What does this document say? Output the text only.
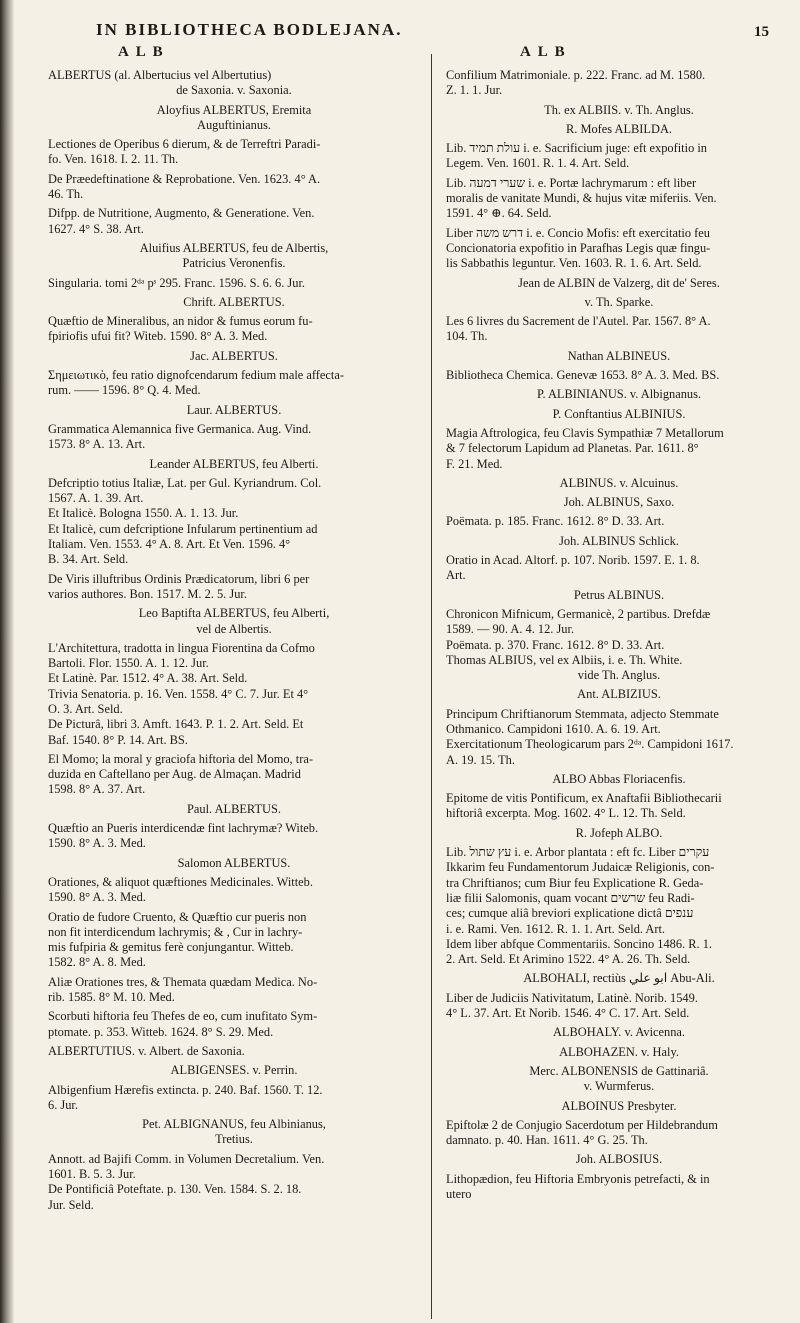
IN BIBLIOTHECA BODLEJANA.	15
A L B	A L B
ALBERTUS (al. Albertucius vel Albertutius)
de Saxonia. v. Saxonia.
Aloyfius ALBERTUS, Eremita
Auguftinianus.
Lectiones de Operibus 6 dierum, & de Terreftri Paradi-
fo. Ven. 1618. I. 2. 11. Th.
De Præedeftinatione & Reprobatione. Ven. 1623. 4° A.
46. Th.
Difpp. de Nutritione, Augmento, & Generatione. Ven.
1627. 4° S. 38. Art.
Aluifius ALBERTUS, feu de Albertis,
Patricius Veronenfis.
Singularia. tomi 2ᵈᵃ pˢ 295. Franc. 1596. S. 6. 6. Jur.
Chrift. ALBERTUS.
Quæftio de Mineralibus, an nidor & fumus eorum fu-
fpiriofis ufui fit? Witeb. 1590. 8° A. 3. Med.
Jac. ALBERTUS.
Σημειωτικὸ, feu ratio dignofcendarum fedium male affecta-
rum. —— 1596. 8° Q. 4. Med.
Laur. ALBERTUS.
Grammatica Alemannica five Germanica. Aug. Vind.
1573. 8° A. 13. Art.
Leander ALBERTUS, feu Alberti.
Defcriptio totius Italiæ, Lat. per Gul. Kyriandrum. Col.
1567. A. 1. 39. Art.
Et Italicè. Bologna 1550. A. 1. 13. Jur.
Et Italicè, cum defcriptione Infularum pertinentium ad
Italiam. Ven. 1553. 4° A. 8. Art. Et Ven. 1596. 4°
B. 34. Art. Seld.
De Viris illuftribus Ordinis Prædicatorum, libri 6 per
varios authores. Bon. 1517. M. 2. 5. Jur.
Leo Baptifta ALBERTUS, feu Alberti,
vel de Albertis.
L'Architettura, tradotta in lingua Fiorentina da Cofmo
Bartoli. Flor. 1550. A. 1. 12. Jur.
Et Latinè. Par. 1512. 4° A. 38. Art. Seld.
Trivia Senatoria. p. 16. Ven. 1558. 4° C. 7. Jur. Et 4°
O. 3. Art. Seld.
De Picturâ, libri 3. Amft. 1643. P. 1. 2. Art. Seld. Et
Baf. 1540. 8° P. 14. Art. BS.
El Momo; la moral y graciofa hiftoria del Momo, tra-
duzida en Caftellano per Aug. de Almaçan. Madrid
1598. 8° A. 37. Art.
Paul. ALBERTUS.
Quæftio an Pueris interdicendæ fint lachrymæ? Witeb.
1590. 8° A. 3. Med.
Salomon ALBERTUS.
Orationes, & aliquot quæftiones Medicinales. Witteb.
1590. 8° A. 3. Med.
Oratio de fudore Cruento, & Quæftio cur pueris non
non fit interdicendum lachrymis; & , Cur in lachry-
mis fufpiria & gemitus ferè conjungantur. Witteb.
1582. 8° A. 8. Med.
Aliæ Orationes tres, & Themata quædam Medica. No-
rib. 1585. 8° M. 10. Med.
Scorbuti hiftoria feu Thefes de eo, cum inufitato Sym-
ptomate. p. 353. Witteb. 1624. 8° S. 29. Med.
ALBERTUTIUS. v. Albert. de Saxonia.
ALBIGENSES. v. Perrin.
Albigenfium Hærefis extincta. p. 240. Baf. 1560. T. 12.
6. Jur.
Pet. ALBIGNANUS, feu Albinianus,
Tretius.
Annott. ad Bajifi Comm. in Volumen Decretalium. Ven.
1601. B. 5. 3. Jur.
De Pontificiâ Poteftate. p. 130. Ven. 1584. S. 2. 18.
Jur. Seld.
Confilium Matrimoniale. p. 222. Franc. ad M. 1580.
Z. 1. 1. Jur.
Th. ex ALBIIS. v. Th. Anglus.
R. Mofes ALBILDA.
Lib. עולת תמיד i. e. Sacrificium juge: eft expofitio in
Legem. Ven. 1601. R. 1. 4. Art. Seld.
Lib. שערי דמעה i. e. Portæ lachrymarum : eft liber
moralis de vanitate Mundi, & hujus vitæ miferiis. Ven.
1591. 4° ⊕. 64. Seld.
Liber דרש משה i. e. Concio Mofis: eft exercitatio feu
Concionatoria expofitio in Parafhas Legis quæ fingu-
lis Sabbathis leguntur. Ven. 1603. R. 1. 6. Art. Seld.
Jean de ALBIN de Valzerg, dit de' Seres.
v. Th. Sparke.
Les 6 livres du Sacrement de l'Autel. Par. 1567. 8° A.
104. Th.
Nathan ALBINEUS.
Bibliotheca Chemica. Genevæ 1653. 8° A. 3. Med. BS.
P. ALBINIANUS. v. Albignanus.
P. Conftantius ALBINIUS.
Magia Aftrologica, feu Clavis Sympathiæ 7 Metallorum
& 7 felectorum Lapidum ad Planetas. Par. 1611. 8°
F. 21. Med.
ALBINUS. v. Alcuinus.
Joh. ALBINUS, Saxo.
Poëmata. p. 185. Franc. 1612. 8° D. 33. Art.
Joh. ALBINUS Schlick.
Oratio in Acad. Altorf. p. 107. Norib. 1597. E. 1. 8.
Art.
Petrus ALBINUS.
Chronicon Mifnicum, Germanicè, 2 partibus. Drefdæ
1589. — 90. A. 4. 12. Jur.
Poëmata. p. 370. Franc. 1612. 8° D. 33. Art.
Thomas ALBIUS, vel ex Albiis, i. e. Th. White.
vide Th. Anglus.
Ant. ALBIZIUS.
Principum Chriftianorum Stemmata, adjecto Stemmate
Othmanico. Campidoni 1610. A. 6. 19. Art.
Exercitationum Theologicarum pars 2ᵈᵃ. Campidoni 1617.
A. 19. 15. Th.
ALBO Abbas Floriacenfis.
Epitome de vitis Pontificum, ex Anaftafii Bibliothecarii
hiftoriâ excerpta. Mog. 1602. 4° L. 12. Th. Seld.
R. Jofeph ALBO.
Lib. עץ שתול i. e. Arbor plantata : eft fc. Liber עקרים
Ikkarim feu Fundamentorum Judaicæ Religionis, con-
tra Chriftianos; cum Biur feu Explicatione R. Geda-
liæ filii Salomonis, quam vocant שרשים feu Radi-
ces; cumque aliâ breviori explicatione dictâ ענפים
i. e. Rami. Ven. 1612. R. 1. 1. Art. Seld. Art.
Idem liber abfque Commentariis. Soncino 1486. R. 1.
2. Art. Seld. Et Arimino 1522. 4° A. 26. Th. Seld.
ALBOHALI, rectiùs ابو علي Abu-Ali.
Liber de Judiciis Nativitatum, Latinè. Norib. 1549.
4° L. 37. Art. Et Norib. 1546. 4° C. 17. Art. Seld.
ALBOHALY. v. Avicenna.
ALBOHAZEN. v. Haly.
Merc. ALBONENSIS de Gattinariâ.
v. Wurmferus.
ALBOINUS Presbyter.
Epiftolæ 2 de Conjugio Sacerdotum per Hildebrandum
damnato. p. 40. Han. 1611. 4° G. 25. Th.
Joh. ALBOSIUS.
Lithopædion, feu Hiftoria Embryonis petrefacti, & in
utero
